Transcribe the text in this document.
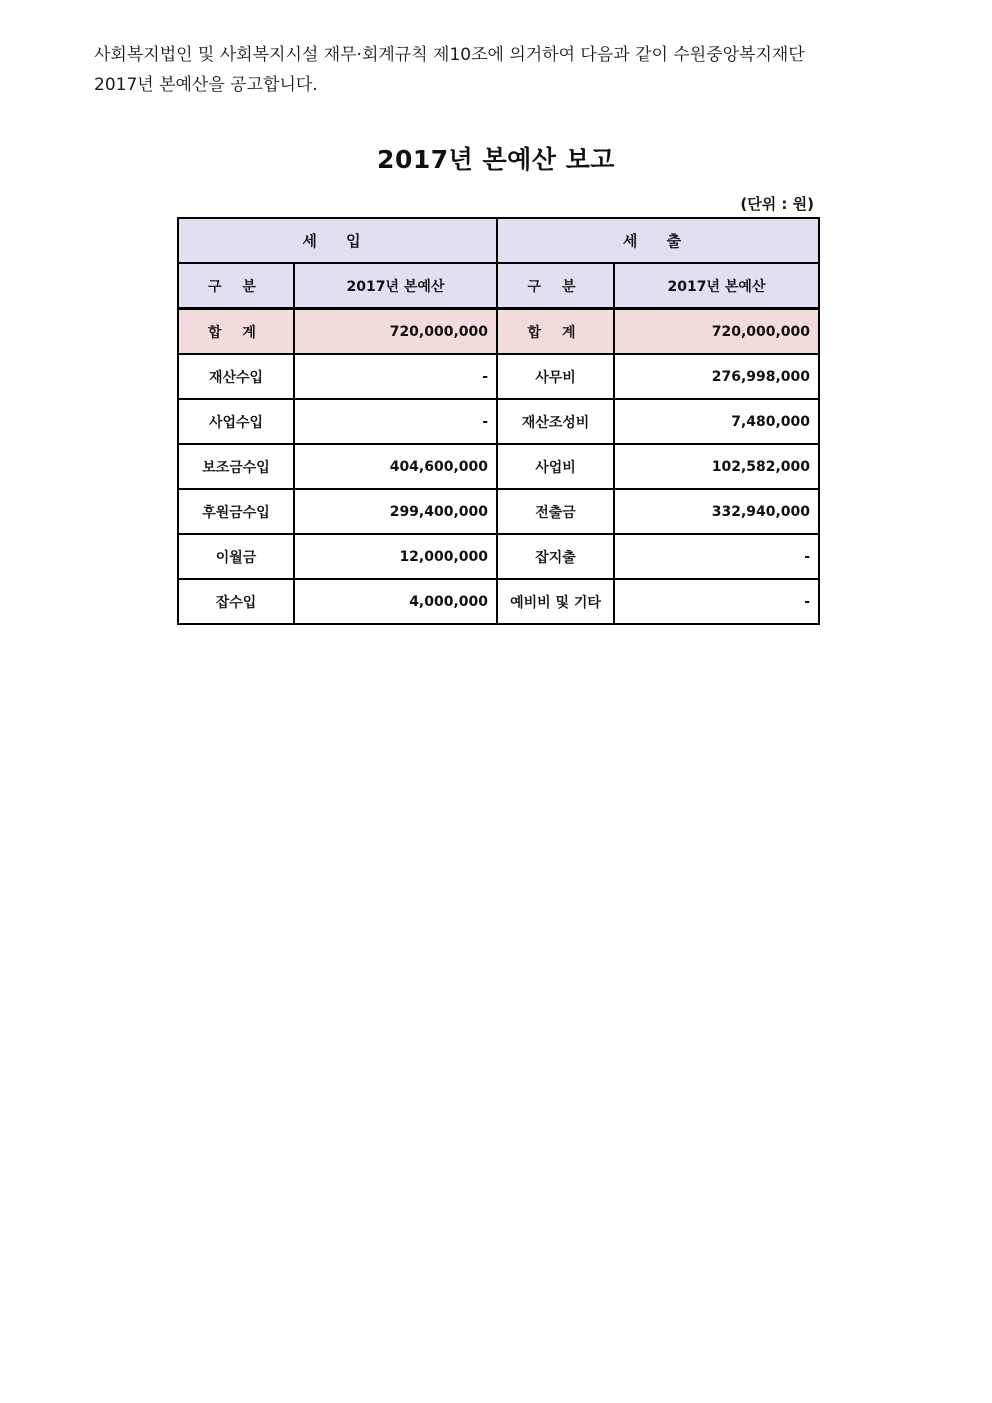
사회복지법인 및 사회복지시설 재무·회계규칙 제10조에 의거하여 다음과 같이 수원중앙복지재단

2017년 본예산을 공고합니다.

2017년 본예산 보고
(단위 : 원)
세 입		세 출	
구 분	2017년 본예산	구 분	2017년 본예산
합 계	720,000,000	합 계	720,000,000
재산수입	-	사무비	276,998,000
사업수입	-	재산조성비	7,480,000
보조금수입	404,600,000	사업비	102,582,000
후원금수입	299,400,000	전출금	332,940,000
이월금	12,000,000	잡지출	-
잡수입	4,000,000	예비비 및 기타	-
